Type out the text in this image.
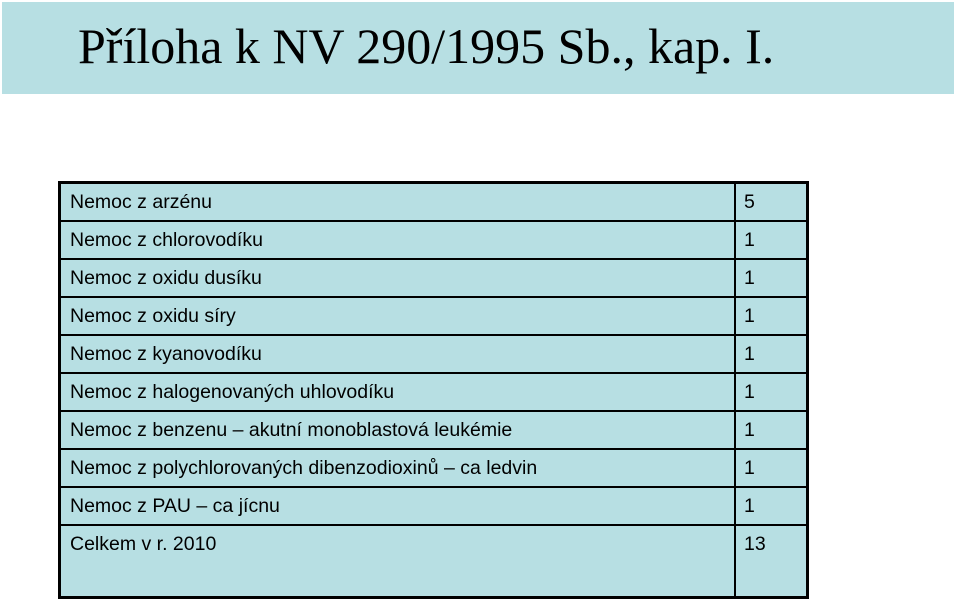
Příloha k NV 290/1995 Sb., kap. I.
Nemoc z arzénu	5
Nemoc z chlorovodíku	1
Nemoc z oxidu dusíku	1
Nemoc z oxidu síry	1
Nemoc z kyanovodíku	1
Nemoc z halogenovaných uhlovodíku	1
Nemoc z benzenu – akutní monoblastová leukémie	1
Nemoc z polychlorovaných dibenzodioxinů – ca ledvin	1
Nemoc z PAU – ca jícnu	1
Celkem v r. 2010	13
